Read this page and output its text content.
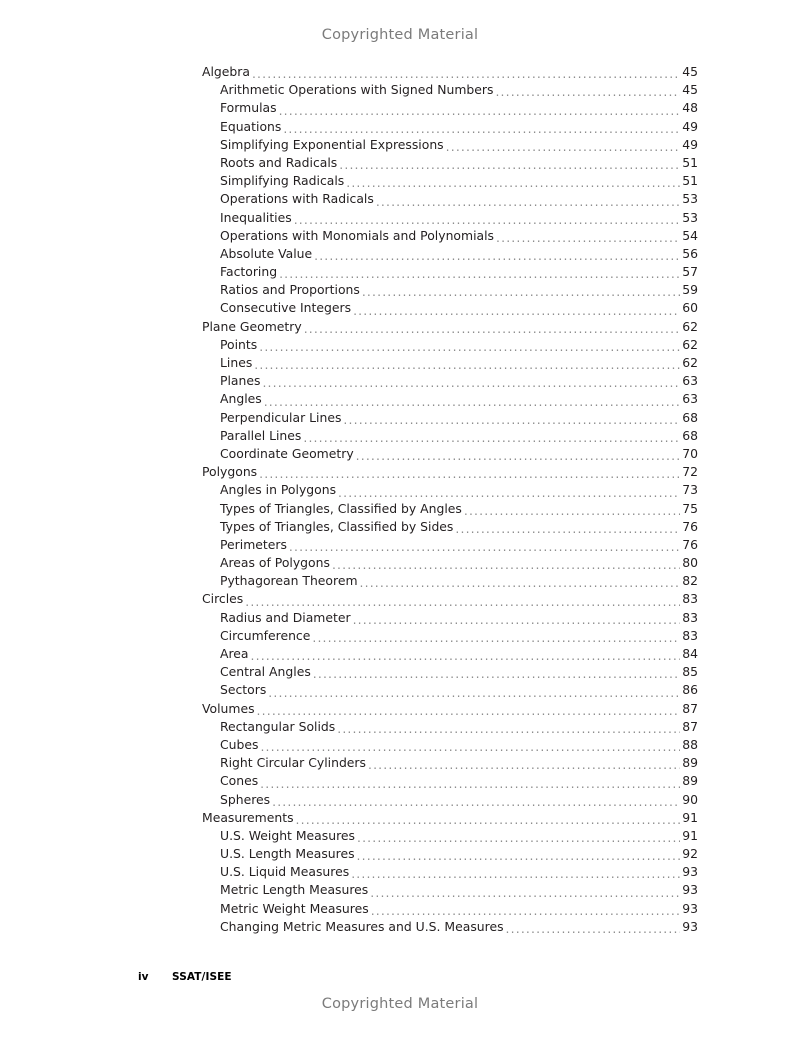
Copyrighted Material
Algebra .....	45
Arithmetic Operations with Signed Numbers .....	45
Formulas .....	48
Equations .....	49
Simplifying Exponential Expressions .....	49
Roots and Radicals .....	51
Simplifying Radicals .....	51
Operations with Radicals .....	53
Inequalities .....	53
Operations with Monomials and Polynomials .....	54
Absolute Value .....	56
Factoring .....	57
Ratios and Proportions .....	59
Consecutive Integers .....	60
Plane Geometry .....	62
Points .....	62
Lines .....	62
Planes .....	63
Angles .....	63
Perpendicular Lines .....	68
Parallel Lines .....	68
Coordinate Geometry .....	70
Polygons .....	72
Angles in Polygons .....	73
Types of Triangles, Classified by Angles .....	75
Types of Triangles, Classified by Sides .....	76
Perimeters .....	76
Areas of Polygons .....	80
Pythagorean Theorem .....	82
Circles .....	83
Radius and Diameter .....	83
Circumference .....	83
Area .....	84
Central Angles .....	85
Sectors .....	86
Volumes .....	87
Rectangular Solids .....	87
Cubes .....	88
Right Circular Cylinders .....	89
Cones .....	89
Spheres .....	90
Measurements .....	91
U.S. Weight Measures .....	91
U.S. Length Measures .....	92
U.S. Liquid Measures .....	93
Metric Length Measures .....	93
Metric Weight Measures .....	93
Changing Metric Measures and U.S. Measures .....	93
iv	SSAT/ISEE
Copyrighted Material
